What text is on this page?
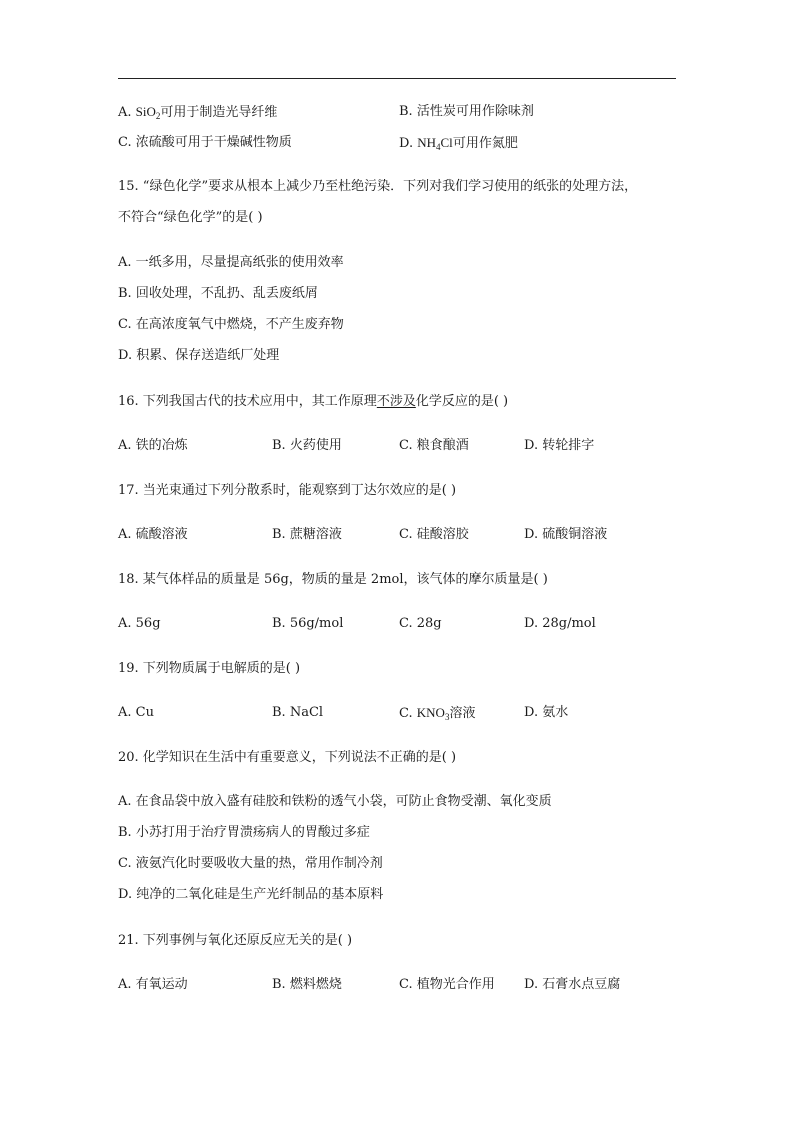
A. SiO$_2$可用于制造光导纤维	B. 活性炭可用作除味剂
C. 浓硫酸可用于干燥碱性物质	D. $NH_4Cl$可用作氮肥
15. “绿色化学”要求从根本上减少乃至杜绝污染．下列对我们学习使用的纸张的处理方法，
不符合“绿色化学”的是( )
A. 一纸多用，尽量提高纸张的使用效率
B. 回收处理，不乱扔、乱丢废纸屑
C. 在高浓度氧气中燃烧，不产生废弃物
D. 积累、保存送造纸厂处理
16. 下列我国古代的技术应用中，其工作原理不涉及化学反应的是( )
A. 铁的冶炼	B. 火药使用	C. 粮食酿酒	D. 转轮排字
17. 当光束通过下列分散系时，能观察到丁达尔效应的是( )
A. 硫酸溶液	B. 蔗糖溶液	C. 硅酸溶胶	D. 硫酸铜溶液
18. 某气体样品的质量是 56g，物质的量是 2mol，该气体的摩尔质量是( )
A. 56g	B. 56g/mol	C. 28g	D. 28g/mol
19. 下列物质属于电解质的是( )
A. Cu	B. NaCl	C. $KNO_3$溶液	D. 氨水
20. 化学知识在生活中有重要意义，下列说法不正确的是( )
A. 在食品袋中放入盛有硅胶和铁粉的透气小袋，可防止食物受潮、氧化变质
B. 小苏打用于治疗胃溃疡病人的胃酸过多症
C. 液氨汽化时要吸收大量的热，常用作制冷剂
D. 纯净的二氧化硅是生产光纤制品的基本原料
21. 下列事例与氧化还原反应无关的是( )
A. 有氧运动	B. 燃料燃烧	C. 植物光合作用 D. 石膏水点豆腐
